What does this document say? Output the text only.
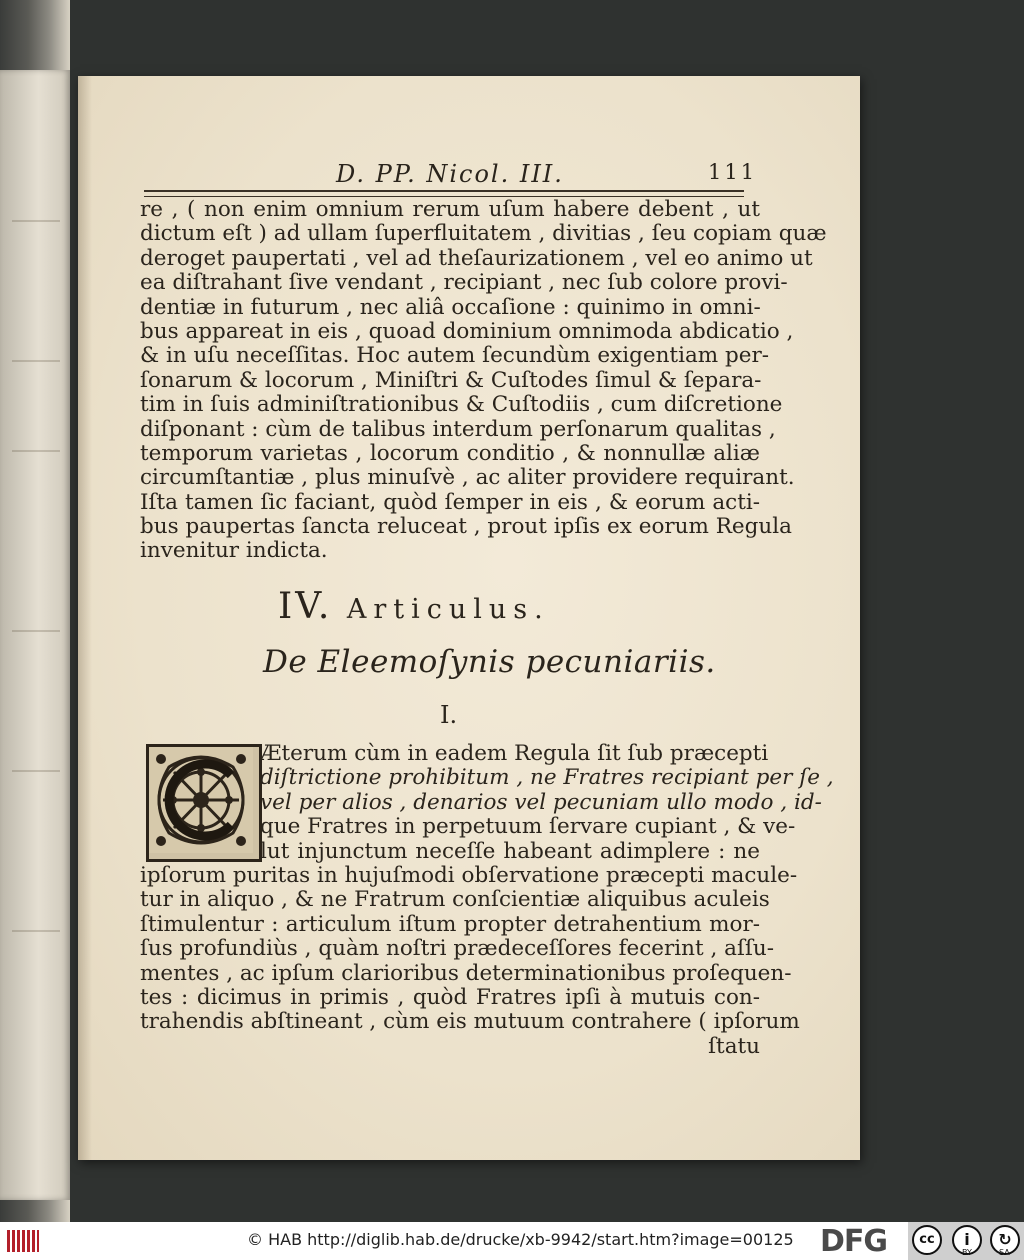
D. PP. Nicol. III.	111
re , ( non enim omnium rerum uſum habere debent , ut
dictum eſt ) ad ullam ſuperfluitatem , divitias , ſeu copiam quæ
deroget paupertati , vel ad theſaurizationem , vel eo animo ut
ea diſtrahant ſive vendant , recipiant , nec ſub colore provi-
dentiæ in futurum , nec aliâ occaſione : quinimo in omni-
bus appareat in eis , quoad dominium omnimoda abdicatio ,
& in uſu neceſſitas. Hoc autem ſecundùm exigentiam per-
ſonarum & locorum , Miniſtri & Cuſtodes ſimul & ſepara-
tim in ſuis adminiſtrationibus & Cuſtodiis , cum diſcretione
diſponant : cùm de talibus interdum perſonarum qualitas ,
temporum varietas , locorum conditio , & nonnullæ aliæ
circumſtantiæ , plus minuſvè , ac aliter providere requirant.
Iſta tamen ſic faciant, quòd ſemper in eis , & eorum acti-
bus paupertas ſancta reluceat , prout ipſis ex eorum Regula
invenitur indicta.
IV. Articulus.
De Eleemoſynis pecuniariis.
I.
Æterum cùm in eadem Regula ſit ſub præcepti
diſtrictione prohibitum , ne Fratres recipiant per ſe ,
vel per alios , denarios vel pecuniam ullo modo , id-
que Fratres in perpetuum ſervare cupiant , & ve-
lut injunctum neceſſe habeant adimplere : ne
ipſorum puritas in hujuſmodi obſervatione præcepti macule-
tur in aliquo , & ne Fratrum conſcientiæ aliquibus aculeis
ſtimulentur : articulum iſtum propter detrahentium mor-
ſus profundiùs , quàm noſtri prædeceſſores fecerint , aſſu-
mentes , ac ipſum clarioribus determinationibus proſequen-
tes : dicimus in primis , quòd Fratres ipſi à mutuis con-
trahendis abſtineant , cùm eis mutuum contrahere ( ipſorum
ſtatu
© HAB http://diglib.hab.de/drucke/xb-9942/start.htm?image=00125 DFG	cc	i
BY
↻
SA
